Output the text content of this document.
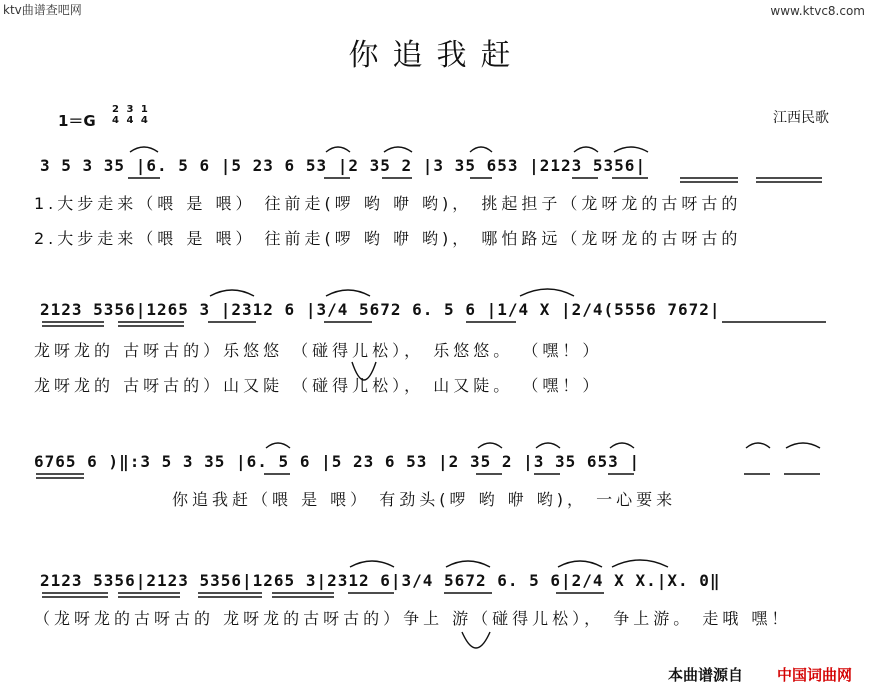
ktv曲谱查吧网	www.ktvc8.com
你追我赶
1＝G
2
4 3
4 1
4	江西民歌
3 5 3 35 |6. 5 6 |5 23 6 53 |2 35 2 |3 35 653 |2123 5356|
1.大步走来（喂 是 喂） 往前走(啰 哟 咿 哟)， 挑起担子（龙呀龙的古呀古的
2.大步走来（喂 是 喂） 往前走(啰 哟 咿 哟)， 哪怕路远（龙呀龙的古呀古的
2123 5356|1265 3 |2312 6 |3/4 5672 6. 5 6 |1/4 X |2/4(5556 7672|
龙呀龙的 古呀古的）乐悠悠 （碰得儿松）， 乐悠悠。 （嘿！）
龙呀龙的 古呀古的）山又陡 （碰得儿松）， 山又陡。 （嘿！）
6765 6 )‖:3 5 3 35 |6. 5 6 |5 23 6 53 |2 35 2 |3 35 653 |
你追我赶（喂 是 喂） 有劲头(啰 哟 咿 哟)， 一心要来
2123 5356|2123 5356|1265 3|2312 6|3/4 5672 6. 5 6|2/4 X X.|X. 0‖
（龙呀龙的古呀古的 龙呀龙的古呀古的）争上 游（碰得儿松）， 争上游。 走哦 嘿！
本曲谱源自 中国词曲网
